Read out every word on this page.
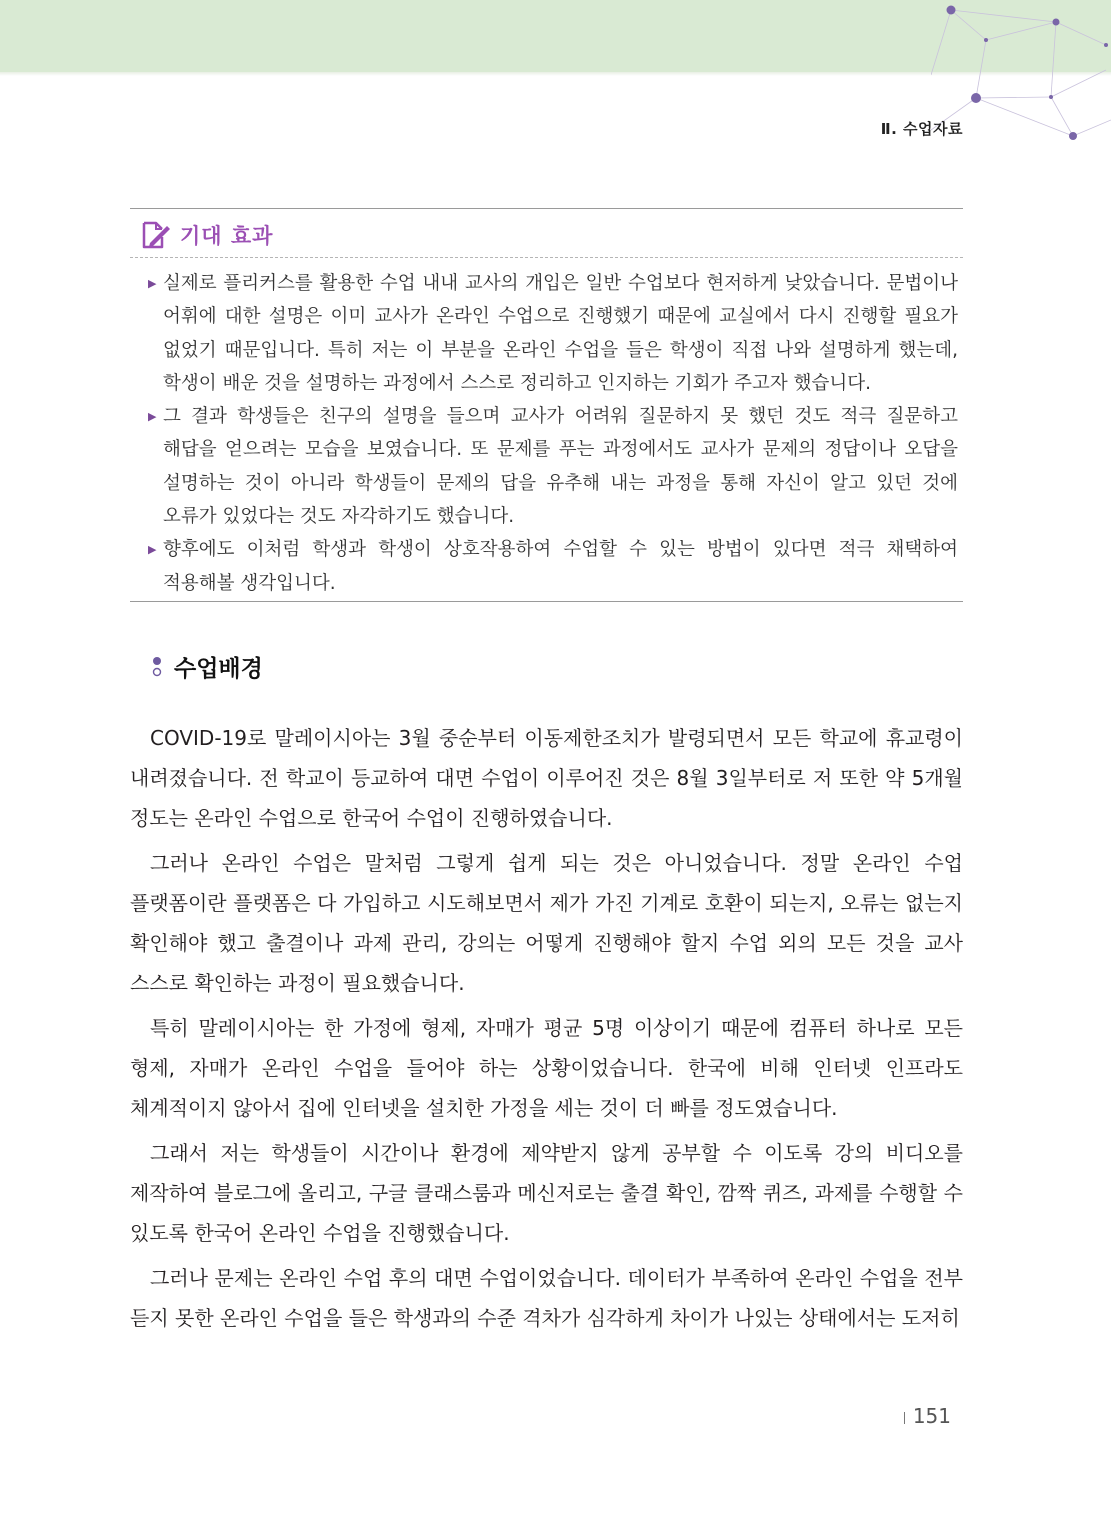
Ⅱ. 수업자료
기대 효과
▶ 실제로 플리커스를 활용한 수업 내내 교사의 개입은 일반 수업보다 현저하게 낮았습니다. 문법이나 어휘에 대한 설명은 이미 교사가 온라인 수업으로 진행했기 때문에 교실에서 다시 진행할 필요가 없었기 때문입니다. 특히 저는 이 부분을 온라인 수업을 들은 학생이 직접 나와 설명하게 했는데, 학생이 배운 것을 설명하는 과정에서 스스로 정리하고 인지하는 기회가 주고자 했습니다.
▶ 그 결과 학생들은 친구의 설명을 들으며 교사가 어려워 질문하지 못 했던 것도 적극 질문하고 해답을 얻으려는 모습을 보였습니다. 또 문제를 푸는 과정에서도 교사가 문제의 정답이나 오답을 설명하는 것이 아니라 학생들이 문제의 답을 유추해 내는 과정을 통해 자신이 알고 있던 것에 오류가 있었다는 것도 자각하기도 했습니다.
▶ 향후에도 이처럼 학생과 학생이 상호작용하여 수업할 수 있는 방법이 있다면 적극 채택하여 적용해볼 생각입니다.
수업배경

COVID-19로 말레이시아는 3월 중순부터 이동제한조치가 발령되면서 모든 학교에 휴교령이 내려졌습니다. 전 학교이 등교하여 대면 수업이 이루어진 것은 8월 3일부터로 저 또한 약 5개월 정도는 온라인 수업으로 한국어 수업이 진행하였습니다.

그러나 온라인 수업은 말처럼 그렇게 쉽게 되는 것은 아니었습니다. 정말 온라인 수업 플랫폼이란 플랫폼은 다 가입하고 시도해보면서 제가 가진 기계로 호환이 되는지, 오류는 없는지 확인해야 했고 출결이나 과제 관리, 강의는 어떻게 진행해야 할지 수업 외의 모든 것을 교사 스스로 확인하는 과정이 필요했습니다.

특히 말레이시아는 한 가정에 형제, 자매가 평균 5명 이상이기 때문에 컴퓨터 하나로 모든 형제, 자매가 온라인 수업을 들어야 하는 상황이었습니다. 한국에 비해 인터넷 인프라도 체계적이지 않아서 집에 인터넷을 설치한 가정을 세는 것이 더 빠를 정도였습니다.

그래서 저는 학생들이 시간이나 환경에 제약받지 않게 공부할 수 이도록 강의 비디오를 제작하여 블로그에 올리고, 구글 클래스룸과 메신저로는 출결 확인, 깜짝 퀴즈, 과제를 수행할 수 있도록 한국어 온라인 수업을 진행했습니다.

그러나 문제는 온라인 수업 후의 대면 수업이었습니다. 데이터가 부족하여 온라인 수업을 전부 듣지 못한 온라인 수업을 들은 학생과의 수준 격차가 심각하게 차이가 나있는 상태에서는 도저히

151
